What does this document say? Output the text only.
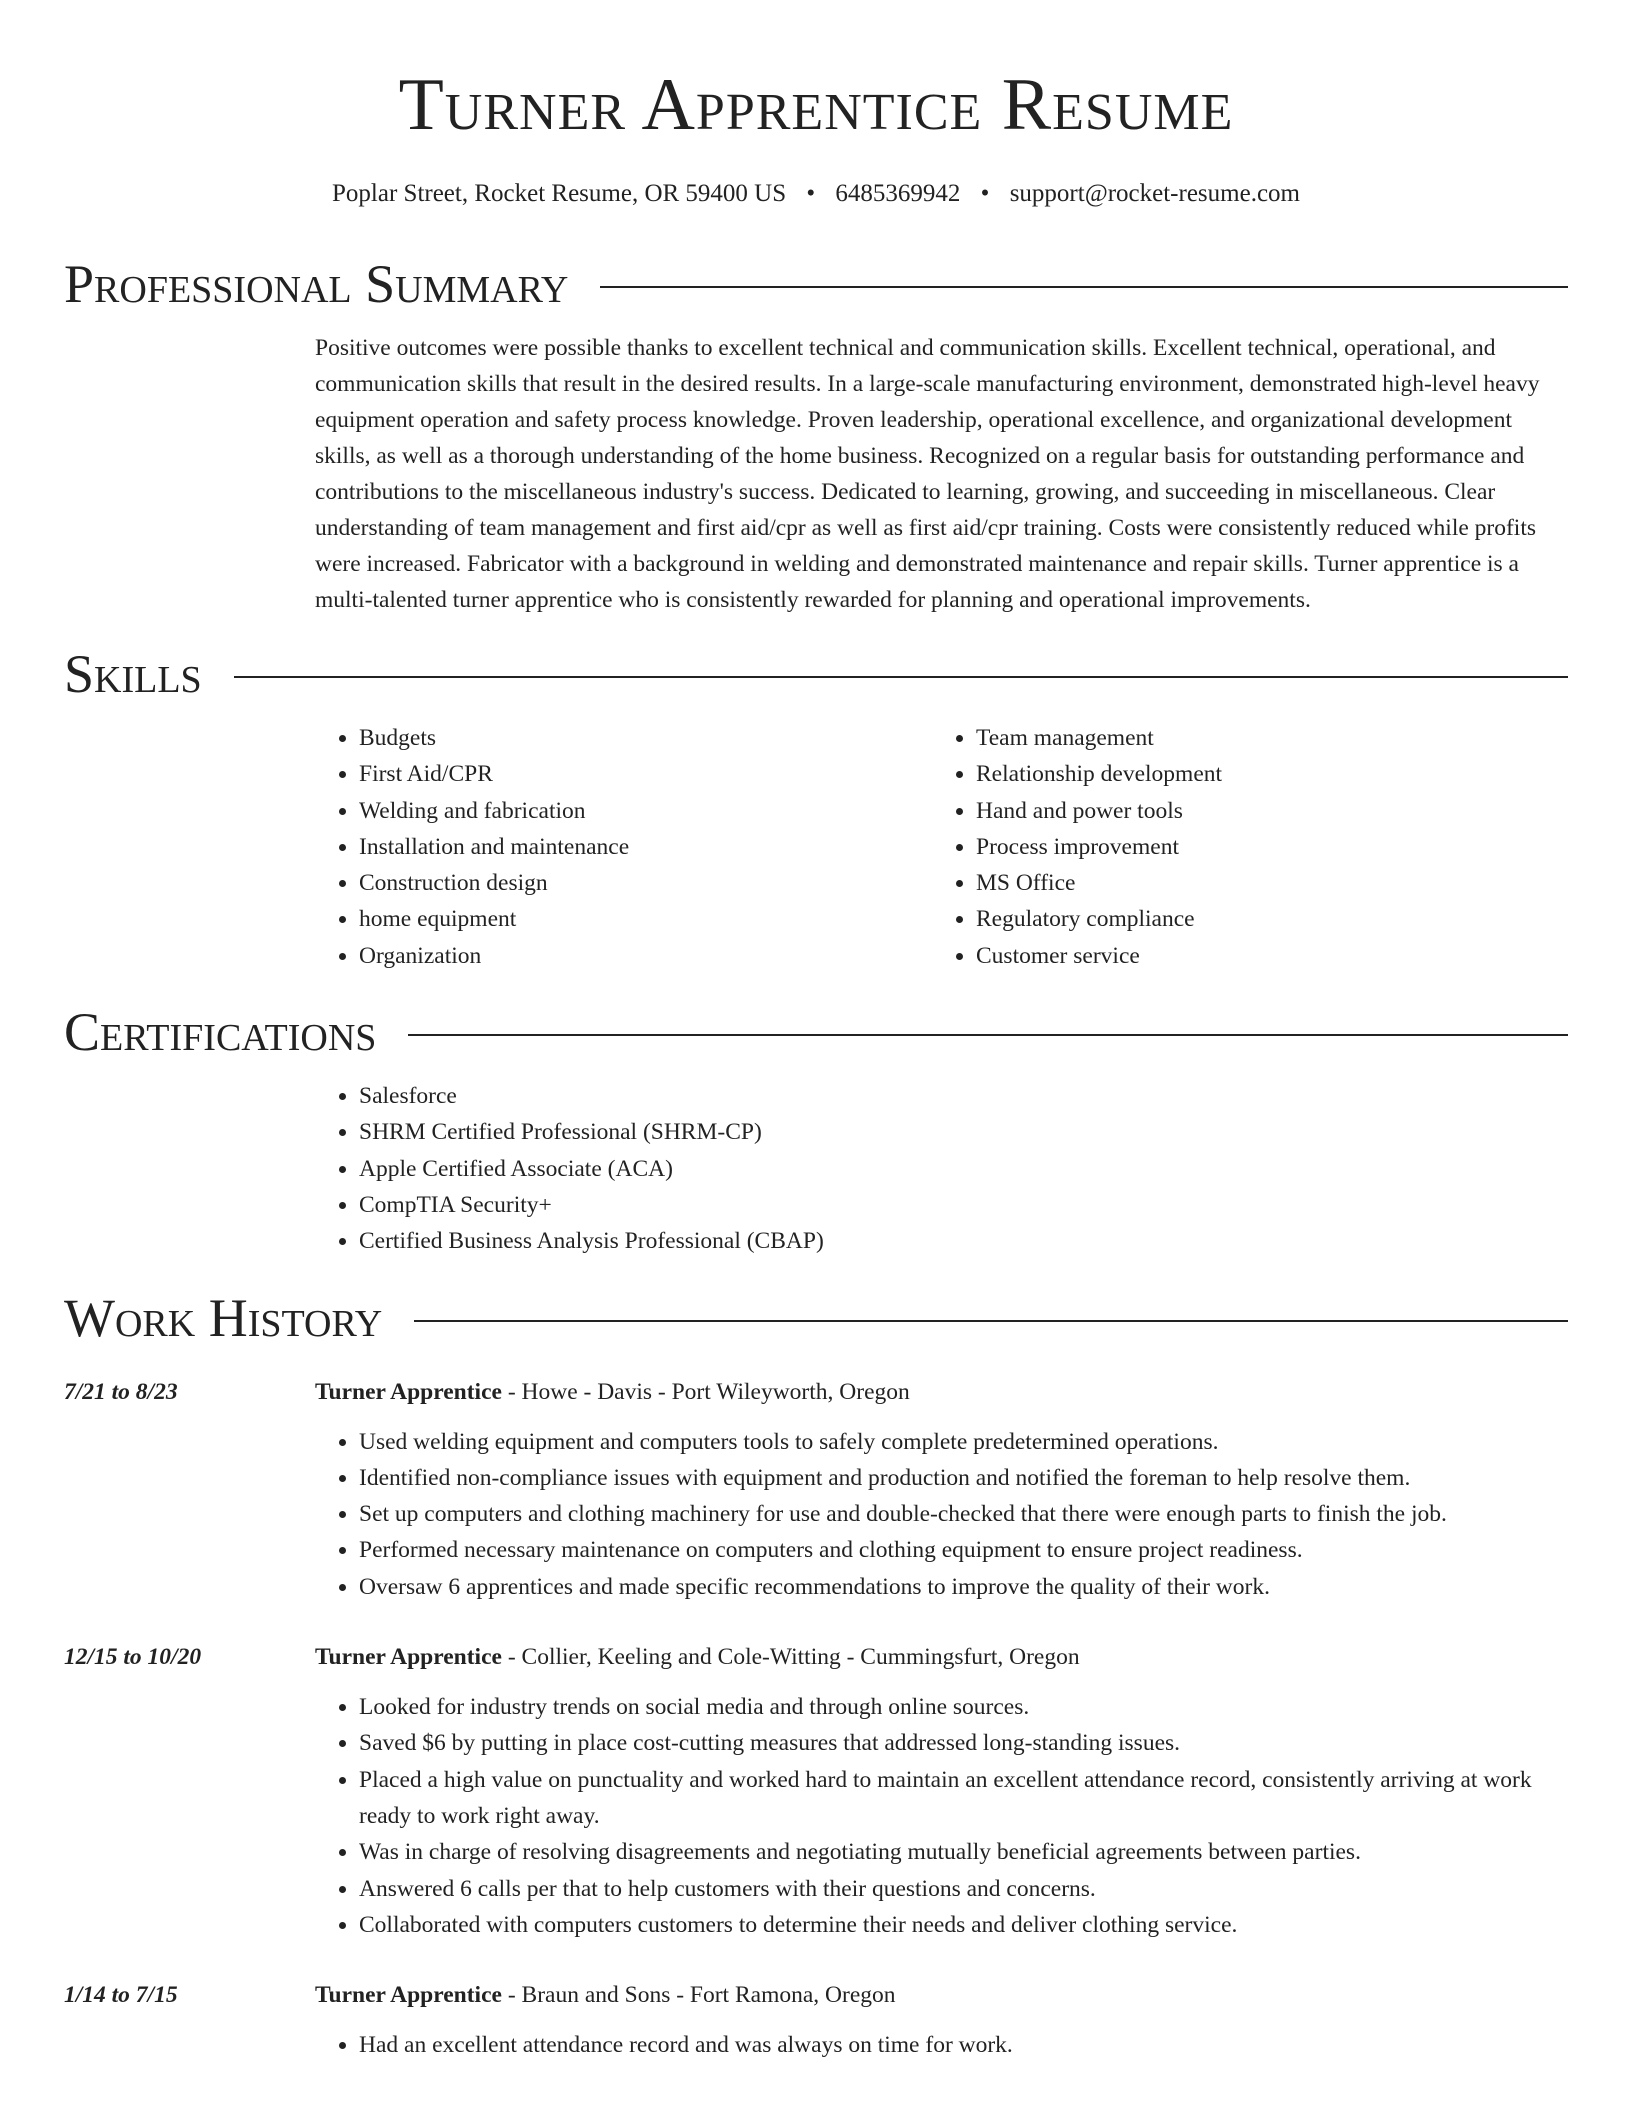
Turner Apprentice Resume
Poplar Street, Rocket Resume, OR 59400 US • 6485369942 • support@rocket-resume.com
Professional Summary
Positive outcomes were possible thanks to excellent technical and communication skills. Excellent technical, operational, and communication skills that result in the desired results. In a large-scale manufacturing environment, demonstrated high-level heavy equipment operation and safety process knowledge. Proven leadership, operational excellence, and organizational development skills, as well as a thorough understanding of the home business. Recognized on a regular basis for outstanding performance and contributions to the miscellaneous industry's success. Dedicated to learning, growing, and succeeding in miscellaneous. Clear understanding of team management and first aid/cpr as well as first aid/cpr training. Costs were consistently reduced while profits were increased. Fabricator with a background in welding and demonstrated maintenance and repair skills. Turner apprentice is a multi-talented turner apprentice who is consistently rewarded for planning and operational improvements.
Skills
• Budgets
• First Aid/CPR
• Welding and fabrication
• Installation and maintenance
• Construction design
• home equipment
• Organization
• Team management
• Relationship development
• Hand and power tools
• Process improvement
• MS Office
• Regulatory compliance
• Customer service
Certifications
• Salesforce
• SHRM Certified Professional (SHRM-CP)
• Apple Certified Associate (ACA)
• CompTIA Security+
• Certified Business Analysis Professional (CBAP)
Work History
7/21 to 8/23	Turner Apprentice - Howe - Davis - Port Wileyworth, Oregon
• Used welding equipment and computers tools to safely complete predetermined operations.
• Identified non-compliance issues with equipment and production and notified the foreman to help resolve them.
• Set up computers and clothing machinery for use and double-checked that there were enough parts to finish the job.
• Performed necessary maintenance on computers and clothing equipment to ensure project readiness.
• Oversaw 6 apprentices and made specific recommendations to improve the quality of their work.
12/15 to 10/20	Turner Apprentice - Collier, Keeling and Cole-Witting - Cummingsfurt, Oregon
• Looked for industry trends on social media and through online sources.
• Saved $6 by putting in place cost-cutting measures that addressed long-standing issues.
• Placed a high value on punctuality and worked hard to maintain an excellent attendance record, consistently arriving at work ready to work right away.
• Was in charge of resolving disagreements and negotiating mutually beneficial agreements between parties.
• Answered 6 calls per that to help customers with their questions and concerns.
• Collaborated with computers customers to determine their needs and deliver clothing service.
1/14 to 7/15	Turner Apprentice - Braun and Sons - Fort Ramona, Oregon
• Had an excellent attendance record and was always on time for work.
